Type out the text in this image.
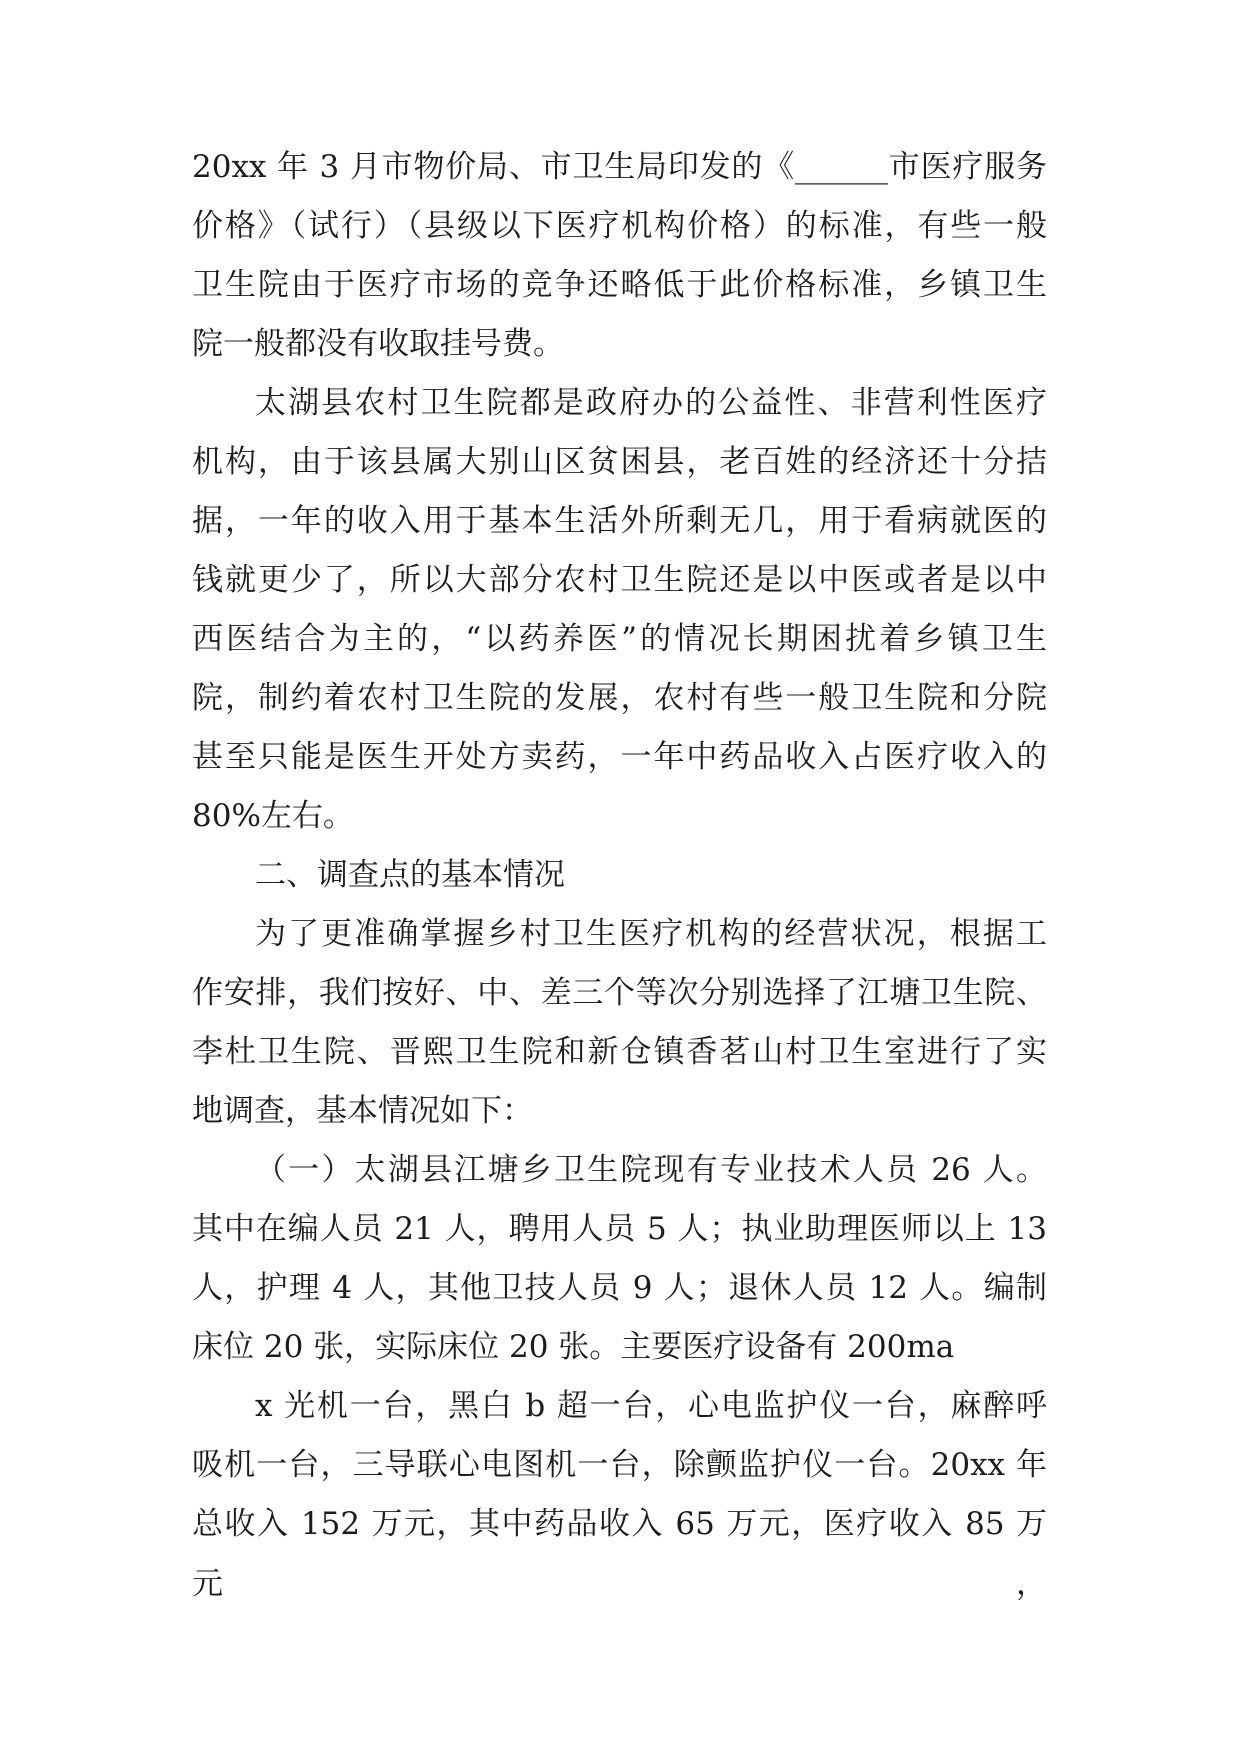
20xx 年 3 月市物价局、市卫生局印发的《______市医疗服务

价格》（试行）（县级以下医疗机构价格）的标准，有些一般

卫生院由于医疗市场的竞争还略低于此价格标准，乡镇卫生

院一般都没有收取挂号费。

太湖县农村卫生院都是政府办的公益性、非营利性医疗

机构，由于该县属大别山区贫困县，老百姓的经济还十分拮

据，一年的收入用于基本生活外所剩无几，用于看病就医的

钱就更少了，所以大部分农村卫生院还是以中医或者是以中

西医结合为主的，“以药养医”的情况长期困扰着乡镇卫生

院，制约着农村卫生院的发展，农村有些一般卫生院和分院

甚至只能是医生开处方卖药，一年中药品收入占医疗收入的

80%左右。

二、调查点的基本情况

为了更准确掌握乡村卫生医疗机构的经营状况，根据工

作安排，我们按好、中、差三个等次分别选择了江塘卫生院、

李杜卫生院、晋熙卫生院和新仓镇香茗山村卫生室进行了实

地调查，基本情况如下：

（一）太湖县江塘乡卫生院现有专业技术人员 26 人。

其中在编人员 21 人，聘用人员 5 人；执业助理医师以上 13

人，护理 4 人，其他卫技人员 9 人；退休人员 12 人。编制

床位 20 张，实际床位 20 张。主要医疗设备有 200ma

x 光机一台，黑白 b 超一台，心电监护仪一台，麻醉呼

吸机一台，三导联心电图机一台，除颤监护仪一台。20xx 年

总收入 152 万元，其中药品收入 65 万元，医疗收入 85 万元，
